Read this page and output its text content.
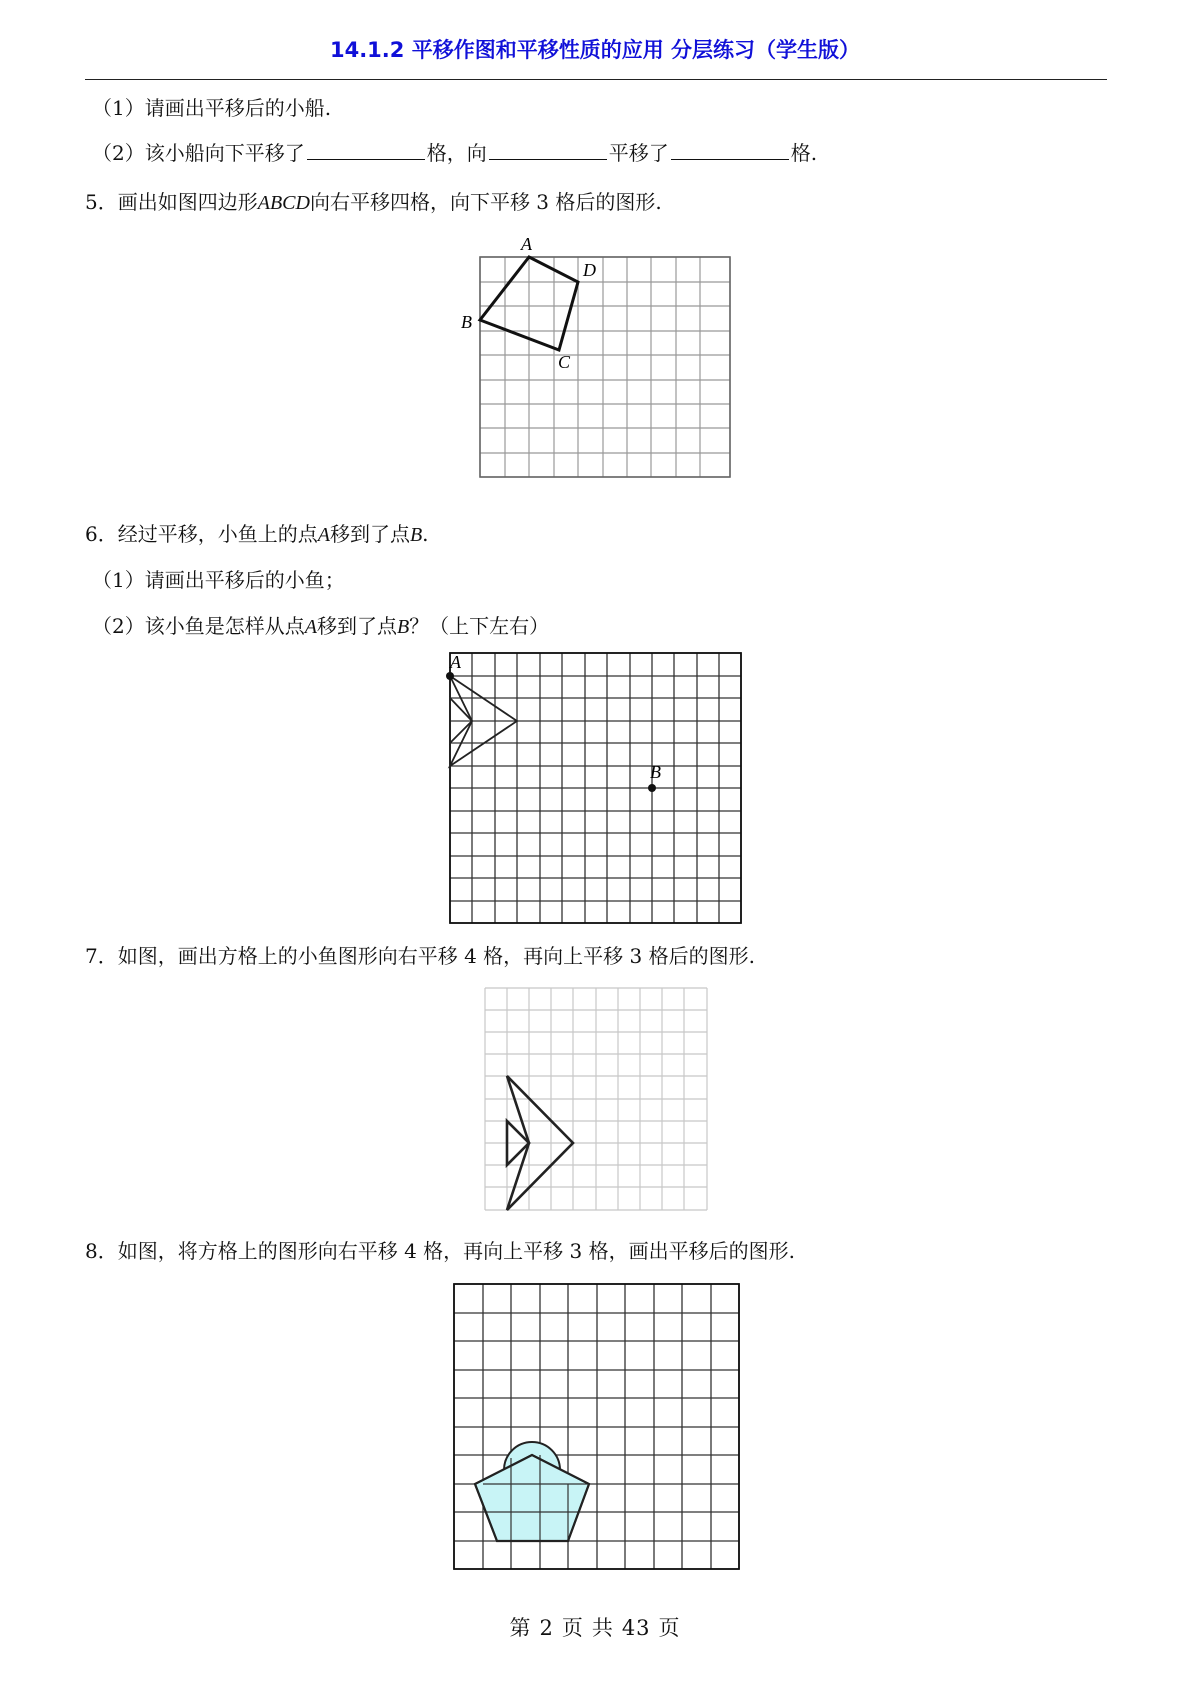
14.1.2 平移作图和平移性质的应用 分层练习（学生版）
（1）请画出平移后的小船.
（2）该小船向下平移了	格，向	平移了	格.
5．画出如图四边形ABCD向右平移四格，向下平移 3 格后的图形.
A
B
C
D
6．经过平移，小鱼上的点A移到了点B.
（1）请画出平移后的小鱼；
（2）该小鱼是怎样从点A移到了点B？（上下左右）
A
B
7．如图，画出方格上的小鱼图形向右平移 4 格，再向上平移 3 格后的图形.
8．如图，将方格上的图形向右平移 4 格，再向上平移 3 格，画出平移后的图形.
第 2 页 共 43 页
